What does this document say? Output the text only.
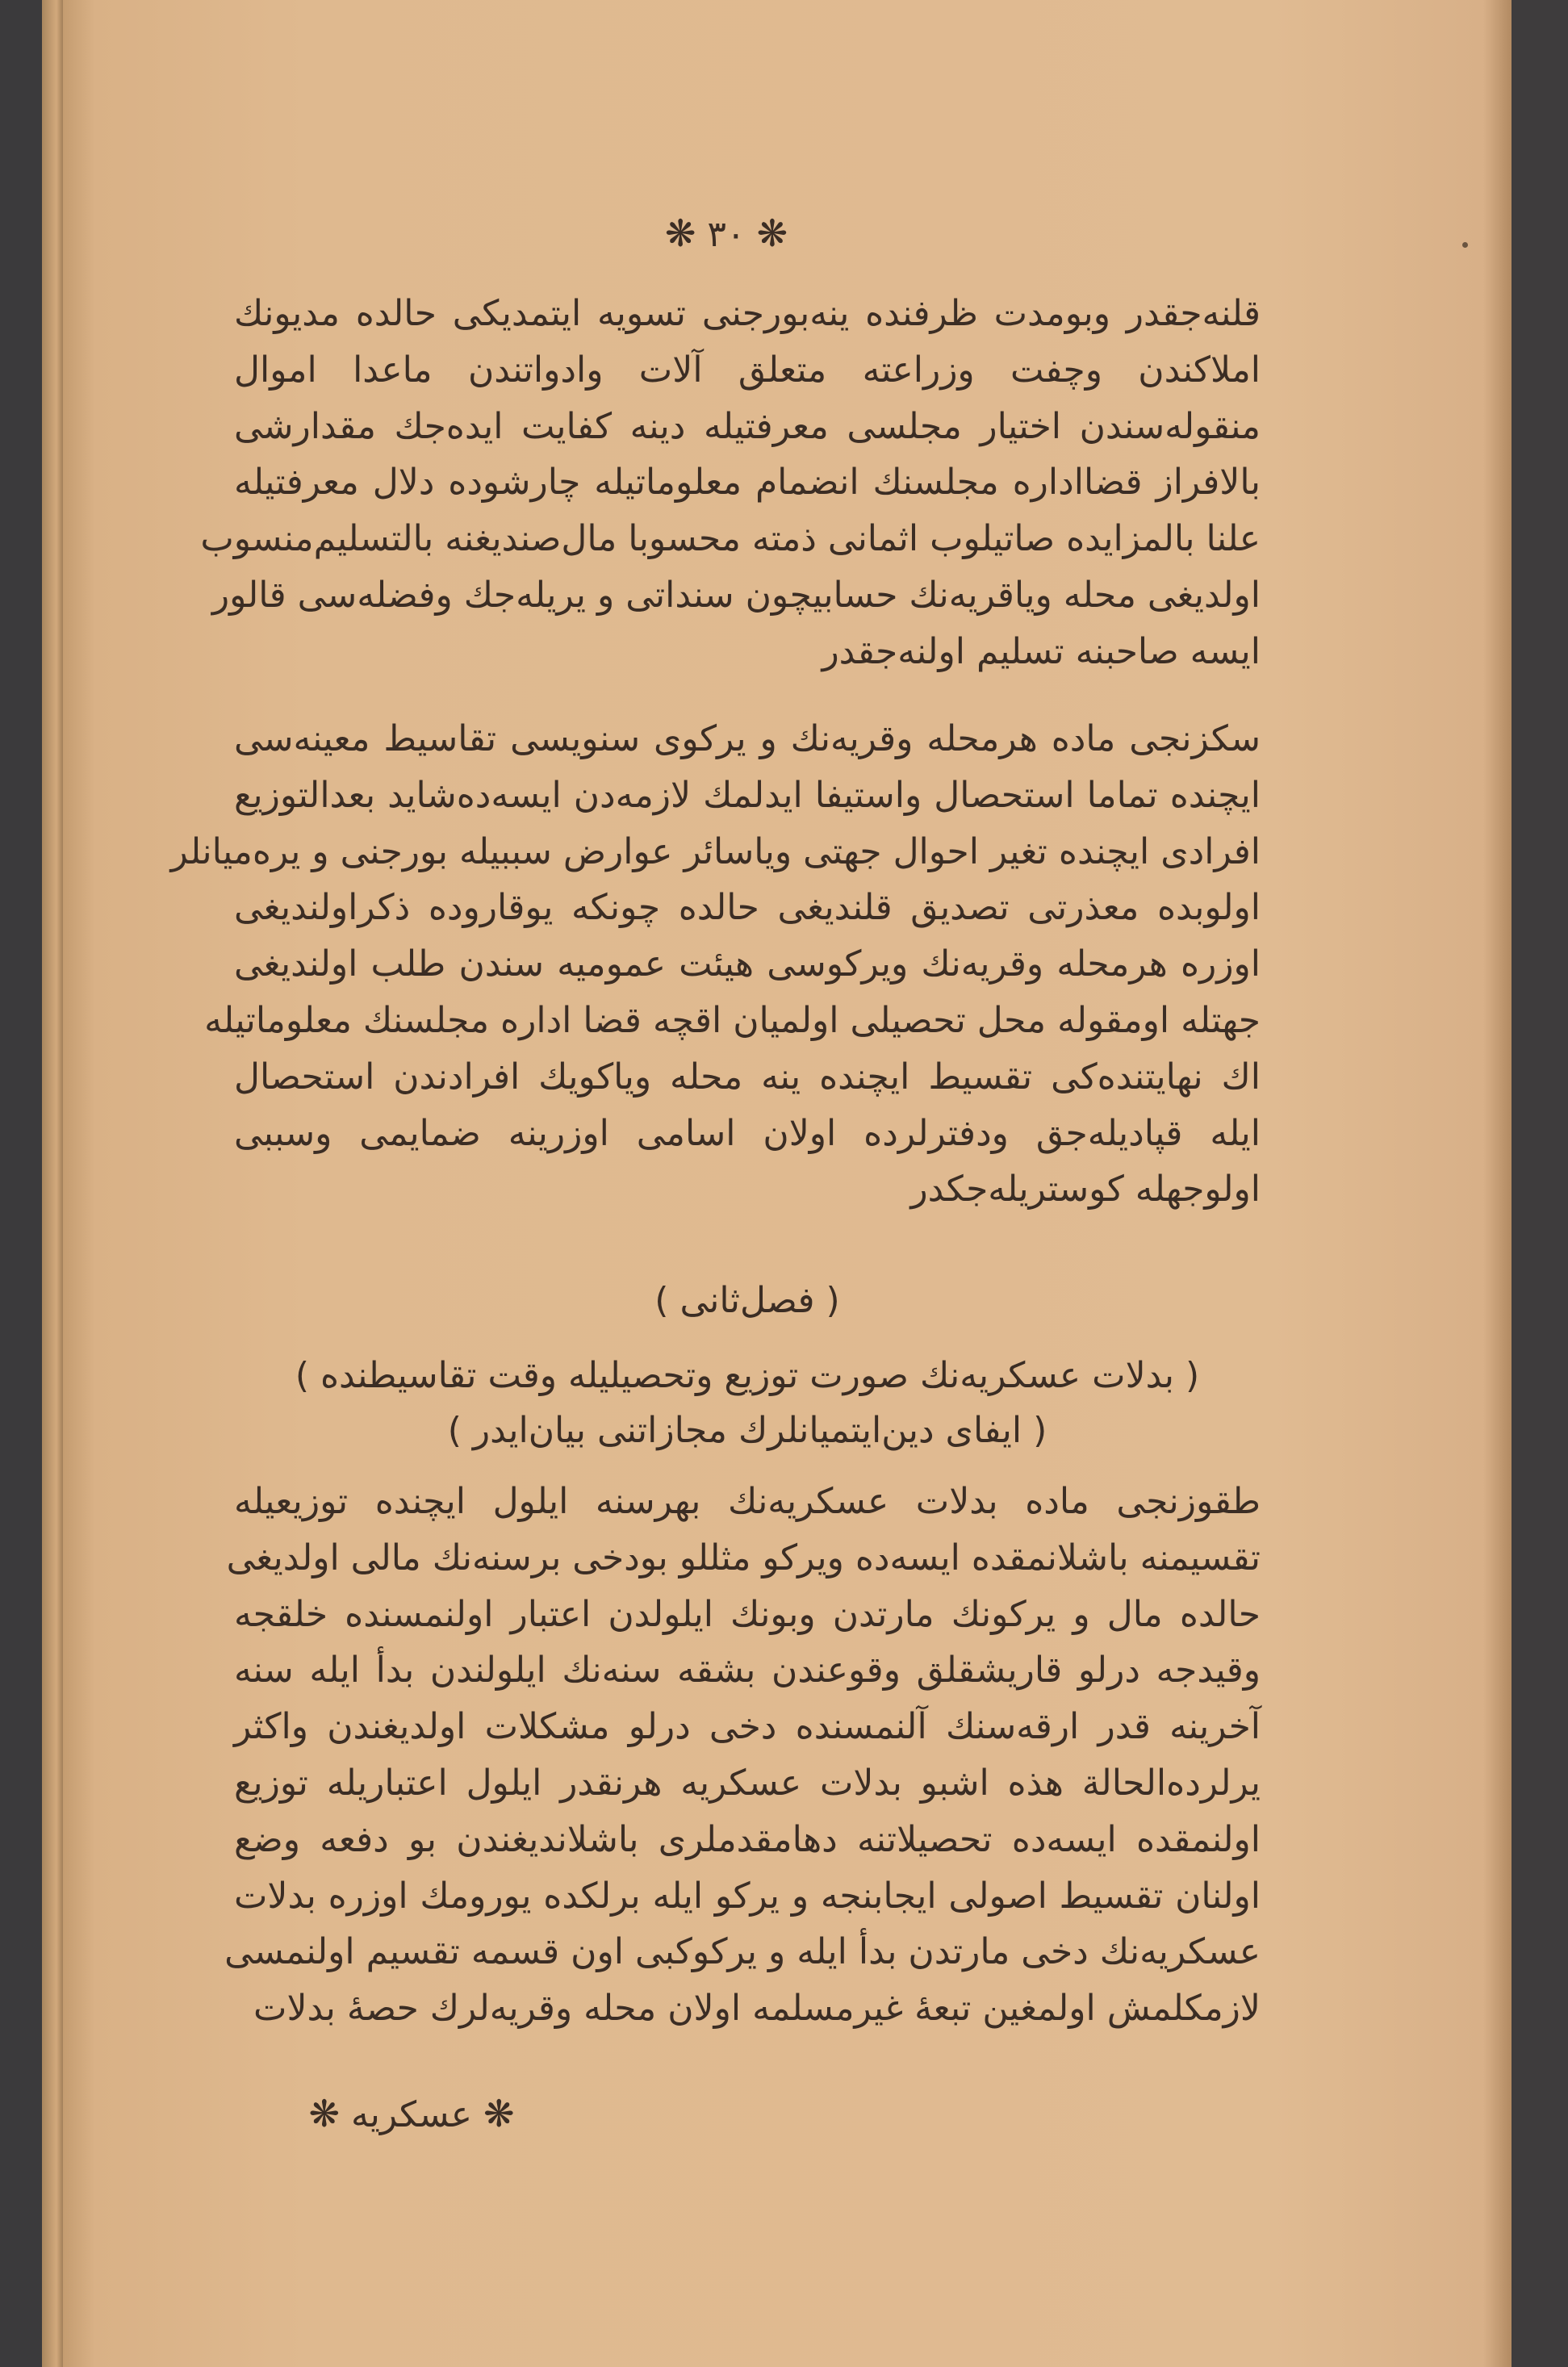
❋ ۳۰ ❋
قلنه‌جقدر وبومدت ظرفنده ینه‌بورجنی تسویه ایتمدیکی حالده مدیونك
املاکندن وچفت وزراعته متعلق آلات وادواتندن ماعدا اموال
منقوله‌سندن اختیار مجلسی معرفتیله دینه کفایت ایده‌جك مقدارشی
بالافراز قضااداره مجلسنك انضمام معلوماتیله چارشوده دلال معرفتیله
علنا بالمزایده صاتیلوب اثمانی ذمته محسوبا مال‌صندیغنه بالتسلیم‌منسوب
اولدیغی محله ویاقریه‌نك حسابیچون سنداتی و یریله‌جك وفضله‌سی قالور
ایسه صاحبنه تسلیم اولنه‌جقدر
سکزنجی ماده هرمحله وقریه‌نك و یرکوی سنویسی تقاسیط معینه‌سی
ایچنده تماما استحصال واستیفا ایدلمك لازمه‌دن ایسه‌ده‌شاید بعدالتوزیع
افرادی ایچنده تغیر احوال جهتی ویاسائر عوارض سببیله بورجنی و یره‌میانلر
اولوبده معذرتی تصدیق قلندیغی حالده چونکه یوقاروده ذکراولندیغی
اوزره هرمحله وقریه‌نك ویرکوسی هیئت عمومیه سندن طلب اولندیغی
جهتله اومقوله محل تحصیلی اولمیان اقچه قضا اداره مجلسنك معلوماتیله
اك نهایتنده‌کی تقسیط ایچنده ینه محله ویاکویك افرادندن استحصال
ایله قپادیله‌جق ودفترلرده اولان اسامی اوزرینه ضمایمی وسببی
اولوجهله کوستریله‌جکدر
( فصل‌ثانی )
( بدلات عسکریه‌نك صورت توزیع وتحصیلیله وقت تقاسیطنده )
( ایفای دین‌ایتمیانلرك مجازاتنی بیان‌ایدر )
طقوزنجی ماده بدلات عسکریه‌نك بهرسنه ایلول ایچنده توزیعیله
تقسیمنه باشلانمقده ایسه‌ده ویرکو مثللو بودخی برسنه‌نك مالی اولدیغی
حالده مال و یرکونك مارتدن وبونك ایلولدن اعتبار اولنمسنده خلقجه
وقیدجه درلو قاریشقلق وقوعندن بشقه سنه‌نك ایلولندن بدأ ایله سنه
آخرینه قدر ارقه‌سنك آلنمسنده دخی درلو مشکلات اولدیغندن واکثر
یرلرده‌الحالة هذه اشبو بدلات عسکریه هرنقدر ایلول اعتباریله توزیع
اولنمقده ایسه‌ده تحصیلاتنه دهامقدملری باشلاندیغندن بو دفعه وضع
اولنان تقسیط اصولی ایجابنجه و یرکو ایله برلکده یورومك اوزره بدلات
عسکریه‌نك دخی مارتدن بدأ ایله و یرکوکبی اون قسمه تقسیم اولنمسی
لازمکلمش اولمغین تبعهٔ غیرمسلمه اولان محله وقریه‌لرك حصهٔ بدلات
❋ عسکریه ❋
